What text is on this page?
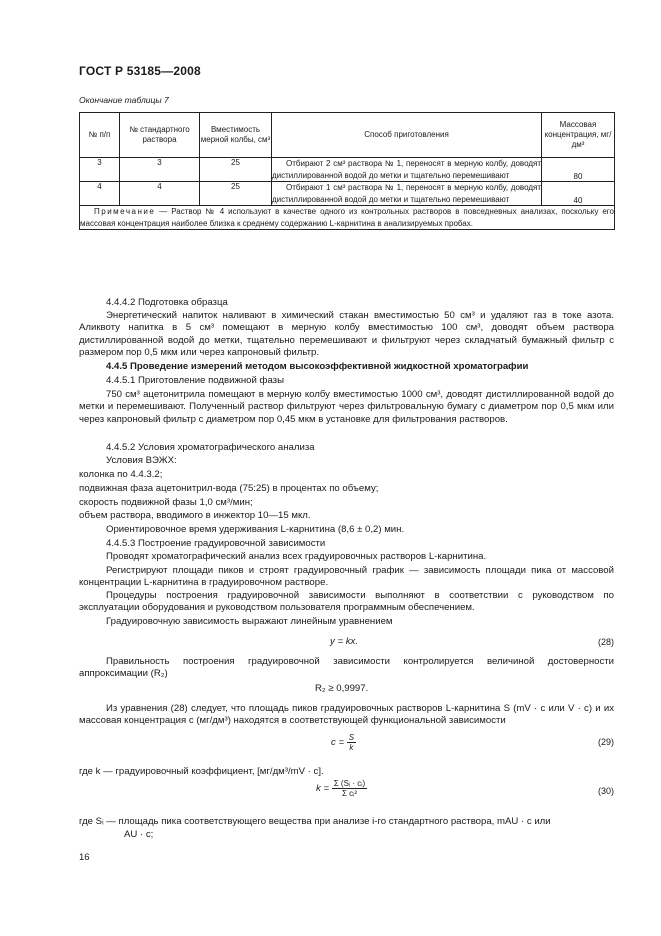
ГОСТ Р 53185—2008
Окончание таблицы 7
№ п/п	№ стандартного раствора	Вместимость мерной колбы, см³	Способ приготовления	Массовая концентрация, мг/дм³
3	3	25	Отбирают 2 см³ раствора № 1, переносят в мерную колбу, доводят дистиллированной водой до метки и тщательно перемешивают	80
4	4	25	Отбирают 1 см³ раствора № 1, переносят в мерную колбу, доводят дистиллированной водой до метки и тщательно перемешивают	40
Примечание — Раствор № 4 используют в качестве одного из контрольных растворов в повседневных анализах, поскольку его массовая концентрация наиболее близка к среднему содержанию L-карнитина в анализируемых пробах.				
4.4.4.2 Подготовка образца
Энергетический напиток наливают в химический стакан вместимостью 50 см³ и удаляют газ в токе азота. Аликвоту напитка в 5 см³ помещают в мерную колбу вместимостью 100 см³, доводят объем раствора дистиллированной водой до метки, тщательно перемешивают и фильтруют через складчатый бумажный фильтр с размером пор 0,5 мкм или через капроновый фильтр.
4.4.5 Проведение измерений методом высокоэффективной жидкостной хроматографии
4.4.5.1 Приготовление подвижной фазы
750 см³ ацетонитрила помещают в мерную колбу вместимостью 1000 см³, доводят дистиллированной водой до метки и перемешивают. Полученный раствор фильтруют через фильтровальную бумагу с диаметром пор 0,5 мкм или через капроновый фильтр с диаметром пор 0,45 мкм в установке для фильтрования растворов.
4.4.5.2 Условия хроматографического анализа
Условия ВЭЖХ:
колонка по 4.4.3.2;
подвижная фаза ацетонитрил-вода (75:25) в процентах по объему;
скорость подвижной фазы 1,0 см³/мин;
объем раствора, вводимого в инжектор 10—15 мкл.
Ориентировочное время удерживания L-карнитина (8,6 ± 0,2) мин.
4.4.5.3 Построение градуировочной зависимости
Проводят хроматографический анализ всех градуировочных растворов L-карнитина.
Регистрируют площади пиков и строят градуировочный график — зависимость площади пика от массовой концентрации L-карнитина в градуировочном растворе.
Процедуры построения градуировочной зависимости выполняют в соответствии с руководством по эксплуатации оборудования и руководством пользователя программным обеспечением.
Градуировочную зависимость выражают линейным уравнением
y = kx.	(28)
Правильность построения градуировочной зависимости контролируется величиной достоверности аппроксимации (R₂)
R₂ ≥ 0,9997.
Из уравнения (28) следует, что площадь пиков градуировочных растворов L-карнитина S (mV · c или V · c) и их массовая концентрация c (мг/дм³) находятся в соответствующей функциональной зависимости
$c = \frac{S}{k}$	(29)
где k — градуировочный коэффициент, [мг/дм³/mV · c].
$k = \frac{\text{Σ (Sᵢ · cᵢ)}}{\text{Σ cᵢ²}}$	(30)
где Sᵢ — площадь пика соответствующего вещества при анализе i-го стандартного раствора, mAU · c или
AU · c;
16
